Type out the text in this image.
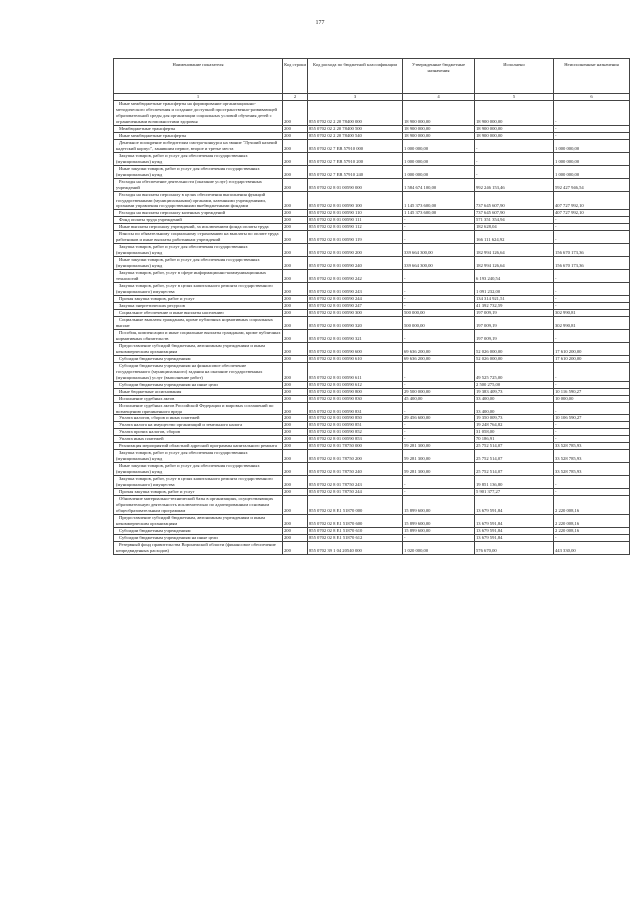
177
Наименование показателя	Код строки	Код расхода по бюджетной классификации	Утвержденные бюджетные назначения	Исполнено	Неисполненные назначения
1	2	3	4	5	6
Иные межбюджетные трансферты на формирование организационно-методического обеспечения и создание доступной пространственно-развивающей образовательной среды для организации социальных условий обучения детей с ограниченными возможностями здоровья	200	855 0702 02 2 20 78400 000	18 900 000,00	18 900 000,00	-
Межбюджетные трансферты	200	855 0702 02 2 20 78400 500	18 900 000,00	18 900 000,00	-
Иные межбюджетные трансферты	200	855 0702 02 2 20 78400 540	18 900 000,00	18 900 000,00	-
Денежное поощрение победителям смотра-конкурса на звание "Лучший казачий кадетский корпус", занявшим первое, второе и третье места	200	855 0702 02 7 EB 57910 000	1 000 000,00	-	1 000 000,00
Закупка товаров, работ и услуг для обеспечения государственных (муниципальных) нужд	200	855 0702 02 7 EB 57910 200	1 000 000,00	-	1 000 000,00
Иные закупки товаров, работ и услуг для обеспечения государственных (муниципальных) нужд	200	855 0702 02 7 EB 57910 240	1 000 000,00	-	1 000 000,00
Расходы на обеспечение деятельности (оказание услуг) государственных учреждений	200	855 0702 02 8 01 00590 000	1 584 674 100,00	992 246 153,46	592 427 946,54
Расходы на выплаты персоналу в целях обеспечения выполнения функций государственными (муниципальными) органами, казенными учреждениями, органами управления государственными внебюджетными фондами	200	855 0702 02 8 01 00590 100	1 145 373 600,00	737 645 607,90	407 727 992,10
Расходы на выплаты персоналу казенных учреждений	200	855 0702 02 8 01 00590 110	1 145 373 600,00	737 645 607,90	407 727 992,10
Фонд оплаты труда учреждений	200	855 0702 02 8 01 00590 111	-	571 351 354,94	-
Иные выплаты персоналу учреждений, за исключением фонда оплаты труда	200	855 0702 02 8 01 00590 112	-	182 628,04	-
Взносы по обязательному социальному страхованию на выплаты по оплате труда работников и иные выплаты работникам учреждений	200	855 0702 02 8 01 00590 119	-	166 111 624,92	-
Закупка товаров, работ и услуг для обеспечения государственных (муниципальных) нужд	200	855 0702 02 8 01 00590 200	339 664 300,00	182 994 126,64	156 670 173,36
Иные закупки товаров, работ и услуг для обеспечения государственных (муниципальных) нужд	200	855 0702 02 8 01 00590 240	339 664 300,00	182 994 126,64	156 670 173,36
Закупка товаров, работ, услуг в сфере информационно-коммуникационных технологий	200	855 0702 02 8 01 00590 242	-	6 193 240,54	-
Закупка товаров, работ, услуг в целях капитального ремонта государственного (муниципального) имущества	200	855 0702 02 8 01 00590 243	-	1 091 232,00	-
Прочая закупка товаров, работ и услуг	200	855 0702 02 8 01 00590 244	-	134 314 921,51	-
Закупка энергетических ресурсов	200	855 0702 02 8 01 00590 247	-	41 392 732,59	-
Социальное обеспечение и иные выплаты населению	200	855 0702 02 8 01 00590 300	500 000,00	197 009,19	302 990,81
Социальные выплаты гражданам, кроме публичных нормативных социальных выплат	200	855 0702 02 8 01 00590 320	500 000,00	197 009,19	302 990,81
Пособия, компенсации и иные социальные выплаты гражданам, кроме публичных нормативных обязательств	200	855 0702 02 8 01 00590 321	-	197 009,19	-
Предоставление субсидий бюджетным, автономным учреждениям и иным некоммерческим организациям	200	855 0702 02 8 01 00590 600	69 636 200,00	52 026 000,00	17 610 200,00
Субсидии бюджетным учреждениям	200	855 0702 02 8 01 00590 610	69 636 200,00	52 026 000,00	17 610 200,00
Субсидии бюджетным учреждениям на финансовое обеспечение государственного (муниципального) задания на оказание государственных (муниципальных) услуг (выполнение работ)	200	855 0702 02 8 01 00590 611	-	49 525 725,00	-
Субсидии бюджетным учреждениям на иные цели	200	855 0702 02 8 01 00590 612	-	2 500 275,00	-
Иные бюджетные ассигнования	200	855 0702 02 8 01 00590 800	29 500 000,00	19 383 409,73	10 116 590,27
Исполнение судебных актов	200	855 0702 02 8 01 00590 830	45 400,00	33 400,00	10 000,00
Исполнение судебных актов Российской Федерации и мировых соглашений по возмещению причиненного вреда	200	855 0702 02 8 01 00590 831	-	33 400,00	-
Уплата налогов, сборов и иных платежей	200	855 0702 02 8 01 00590 850	29 456 600,00	19 350 009,73	10 106 590,27
Уплата налога на имущество организаций и земельного налога	200	855 0702 02 8 01 00590 851	-	19 248 764,82	-
Уплата прочих налогов, сборов	200	855 0702 02 8 01 00590 852	-	31 058,00	-
Уплата иных платежей	200	855 0702 02 8 01 00590 853	-	70 186,91	-
Реализация мероприятий областной адресной программы капитального ремонта	200	855 0702 02 8 01 78750 000	59 281 300,00	25 752 514,07	33 528 785,93
Закупка товаров, работ и услуг для обеспечения государственных (муниципальных) нужд	200	855 0702 02 8 01 78750 200	59 281 300,00	25 752 514,07	33 528 785,93
Иные закупки товаров, работ и услуг для обеспечения государственных (муниципальных) нужд	200	855 0702 02 8 01 78750 240	59 281 300,00	25 752 514,07	33 528 785,93
Закупка товаров, работ, услуг в целях капитального ремонта государственного (муниципального) имущества	200	855 0702 02 8 01 78750 243	-	19 851 136,80	-
Прочая закупка товаров, работ и услуг	200	855 0702 02 8 01 78750 244	-	5 901 377,27	-
Обновление материально-технической базы в организациях, осуществляющих образовательную деятельность исключительно по адаптированным основным общеобразовательным программам	200	855 0702 02 8 E1 51870 000	15 899 600,00	13 679 591,84	2 220 008,16
Предоставление субсидий бюджетным, автономным учреждениям и иным некоммерческим организациям	200	855 0702 02 8 E1 51870 600	15 899 600,00	13 679 591,84	2 220 008,16
Субсидии бюджетным учреждениям	200	855 0702 02 8 E1 51870 610	15 899 600,00	13 679 591,84	2 220 008,16
Субсидии бюджетным учреждениям на иные цели	200	855 0702 02 8 E1 51870 612	-	13 679 591,84	-
Резервный фонд правительства Воронежской области (финансовое обеспечение непредвиденных расходов)	200	855 0702 39 1 04 20540 000	1 020 000,00	576 670,00	443 330,00
